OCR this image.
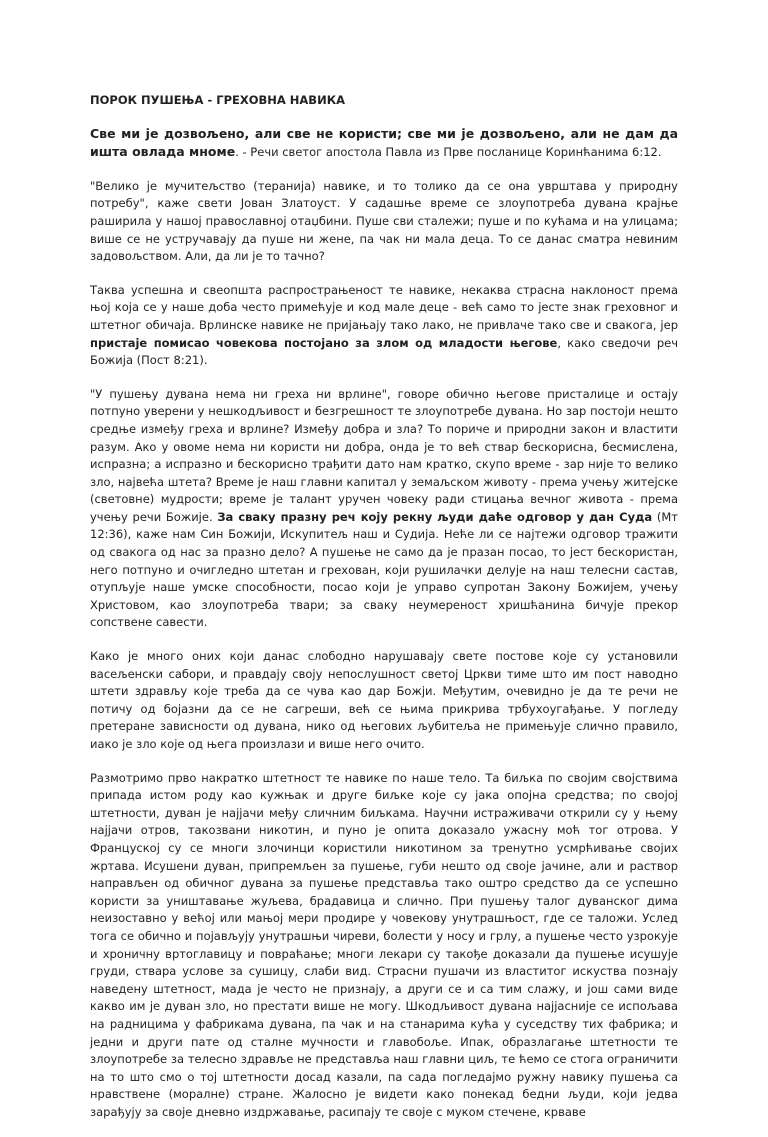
ПОРОК ПУШЕЊА - ГРЕХОВНА НАВИКА

Све ми је дозвољено, али све не користи; све ми је дозвољено, али не дам да ишта овлада мноме. - Речи светог апостола Павла из Прве посланице Коринћанима 6:12.

"Велико је мучитељство (теранија) навике, и то толико да се она уврштава у природну потребу", каже свети Јован Златоуст. У садашње време се злоупотреба дувана крајње раширила у нашој православној отаџбини. Пуше сви сталежи; пуше и по кућама и на улицама; више се не устручавају да пуше ни жене, па чак ни мала деца. То се данас сматра невиним задовољством. Али, да ли је то тачно?

Таква успешна и свеопшта распрострањеност те навике, некаква страсна наклоност према њој која се у наше доба често примећује и код мале деце - већ само то јесте знак греховног и штетног обичаја. Врлинске навике не пријањају тако лако, не привлаче тако све и свакога, јер пристаје помисао човекова постојано за злом од младости његове, како сведочи реч Божија (Пост 8:21).

"У пушењу дувана нема ни греха ни врлине", говоре обично његове присталице и остају потпуно уверени у нешкодљивост и безгрешност те злоупотребе дувана. Но зар постоји нешто средње између греха и врлине? Између добра и зла? То пориче и природни закон и властити разум. Ако у овоме нема ни користи ни добра, онда је то већ ствар бескорисна, бесмислена, испразна; а испразно и бескорисно трађити дато нам кратко, скупо време - зар није то велико зло, највећа штета? Време је наш главни капитал у земаљском животу - према учењу житејске (световне) мудрости; време је талант уручен човеку ради стицања вечног живота - према учењу речи Божије. За сваку празну реч коју рекну људи даће одговор у дан Суда (Мт 12:36), каже нам Син Божији, Искупитељ наш и Судија. Неће ли се најтежи одговор тражити од свакога од нас за празно дело? А пушење не само да је празан посао, то јест бескористан, него потпуно и очигледно штетан и грехован, који рушилачки делује на наш телесни састав, отупљује наше умске способности, посао који је управо супротан Закону Божијем, учењу Христовом, као злоупотреба твари; за сваку неумереност хришћанина бичује прекор сопствене савести.

Како је много оних који данас слободно нарушавају свете постове које су установили васељенски сабори, и правдају своју непослушност светој Цркви тиме што им пост наводно штети здрављу које треба да се чува као дар Божји. Међутим, очевидно је да те речи не потичу од бојазни да се не сагреши, већ се њима прикрива трбухоугађање. У погледу претеране зависности од дувана, нико од његових љубитеља не примењује слично правило, иако је зло које од њега произлази и више него очито.

Размотримо прво накратко штетност те навике по наше тело. Та биљка по својим својствима припада истом роду као кужњак и друге биљке које су јака опојна средства; по својој штетности, дуван је најјачи међу сличним биљкама. Научни истраживачи открили су у њему најјачи отров, такозвани никотин, и пуно је опита доказало ужасну моћ тог отрова. У Француској су се многи злочинци користили никотином за тренутно усмрћивање својих жртава. Исушени дуван, припремљен за пушење, губи нешто од своје јачине, али и раствор направљен од обичног дувана за пушење представља тако оштро средство да се успешно користи за уништавање жуљева, брадавица и слично. При пушењу талог дуванског дима неизоставно у већој или мањој мери продире у човекову унутрашњост, где се таложи. Услед тога се обично и појављују унутрашњи чиреви, болести у носу и грлу, а пушење често узрокује и хроничну вртоглавицу и повраћање; многи лекари су такође доказали да пушење исушује груди, ствара услове за сушицу, слаби вид. Страсни пушачи из властитог искуства познају наведену штетност, мада је често не признају, а други се и са тим слажу, и још сами виде какво им је дуван зло, но престати више не могу. Шкодљивост дувана најјасније се испољава на радницима у фабрикама дувана, па чак и на станарима кућа у суседству тих фабрика; и једни и други пате од сталне мучности и главобоље. Ипак, образлагање штетности те злоупотребе за телесно здравље не представља наш главни циљ, те ћемо се стога ограничити на то што смо о тој штетности досад казали, па сада погледајмо ружну навику пушења са нравствене (моралне) стране. Жалосно је видети како понекад бедни људи, који једва зарађују за своје дневно издржавање, расипају те своје с муком стечене, крваве
